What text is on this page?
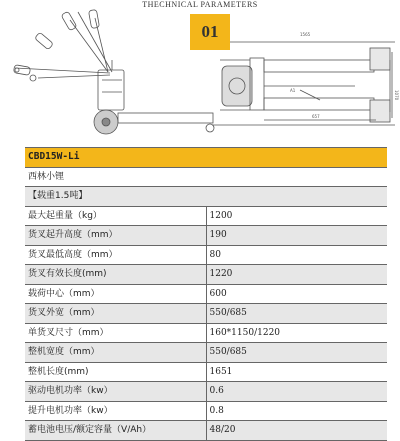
THECHNICAL PARAMETERS
1565
A1
657
1070
01
CBD15W-Li	
西林小锂	
【载重1.5吨】	
最大起重量（kg）	1200
货叉起升高度（mm）	190
货叉最低高度（mm）	80
货叉有效长度(mm)	1220
载荷中心（mm）	600
货叉外宽（mm）	550/685
单货叉尺寸（mm）	160*1150/1220
整机宽度（mm）	550/685
整机长度(mm)	1651
驱动电机功率（kw）	0.6
提升电机功率（kw）	0.8
蓄电池电压/额定容量（V/Ah）	48/20
